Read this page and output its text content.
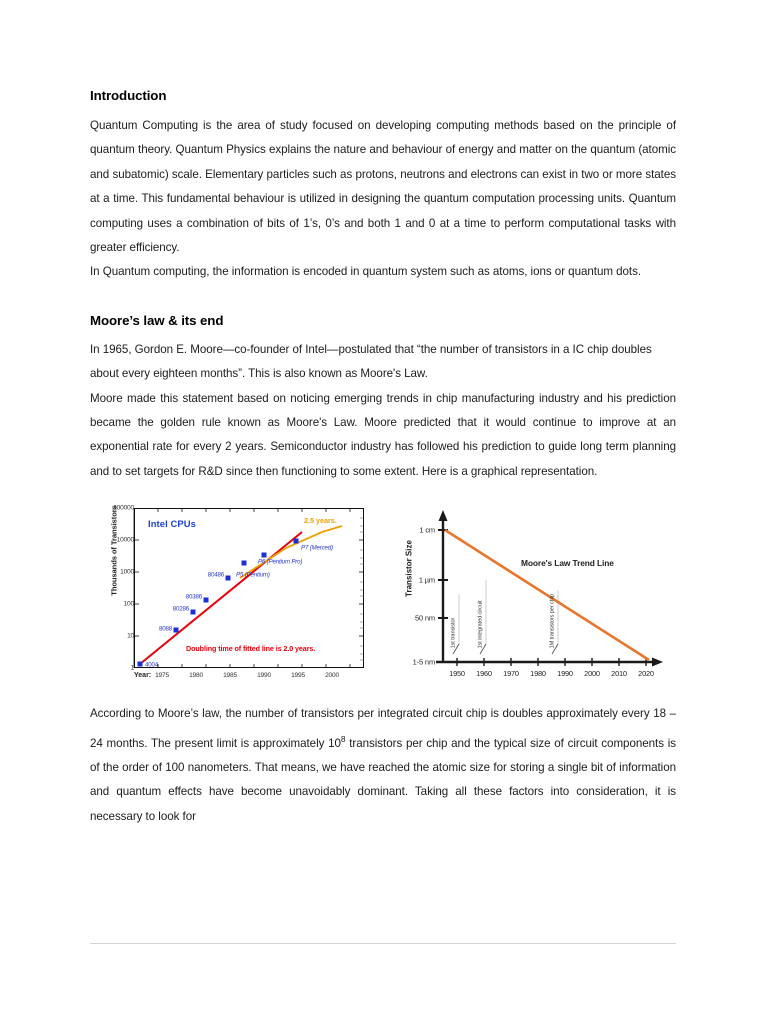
Introduction

Quantum Computing is the area of study focused on developing computing methods based on the principle of quantum theory. Quantum Physics explains the nature and behaviour of energy and matter on the quantum (atomic and subatomic) scale. Elementary particles such as protons, neutrons and electrons can exist in two or more states at a time. This fundamental behaviour is utilized in designing the quantum computation processing units. Quantum computing uses a combination of bits of 1’s, 0’s and both 1 and 0 at a time to perform computational tasks with greater efficiency.

In Quantum computing, the information is encoded in quantum system such as atoms, ions or quantum dots.

Moore’s law & its end

In 1965, Gordon E. Moore—co-founder of Intel—postulated that “the number of transistors in a IC chip doubles about every eighteen months”. This is also known as Moore's Law.

Moore made this statement based on noticing emerging trends in chip manufacturing industry and his prediction became the golden rule known as Moore's Law. Moore predicted that it would continue to improve at an exponential rate for every 2 years. Semiconductor industry has followed his prediction to guide long term planning and to set targets for R&D since then functioning to some extent. Here is a graphical representation.

100000
10000
1000
100
10
1
Thousands of Transistors	Intel CPUs	2.5 years.
Doubling time of fitted line is 2.0 years.
4004
8088
80286
80386
80486 P5 (Pentium)
P6 (Pentium Pro)
P7 (Merced)
Year: 1975	1980	1985	1990	1995	2000
Transistor Size
1 cm
1 µm
50 nm
1-5 nm
1950 1960 1970 1980 1990 2000 2010 2020
Moore's Law Trend Line
1st transistor	1st integrated circuit	1M transistors per chip

According to Moore’s law, the number of transistors per integrated circuit chip is doubles approximately every 18 – 24 months. The present limit is approximately $10^8$ transistors per chip and the typical size of circuit components is of the order of 100 nanometers. That means, we have reached the atomic size for storing a single bit of information and quantum effects have become unavoidably dominant. Taking all these factors into consideration, it is necessary to look for
